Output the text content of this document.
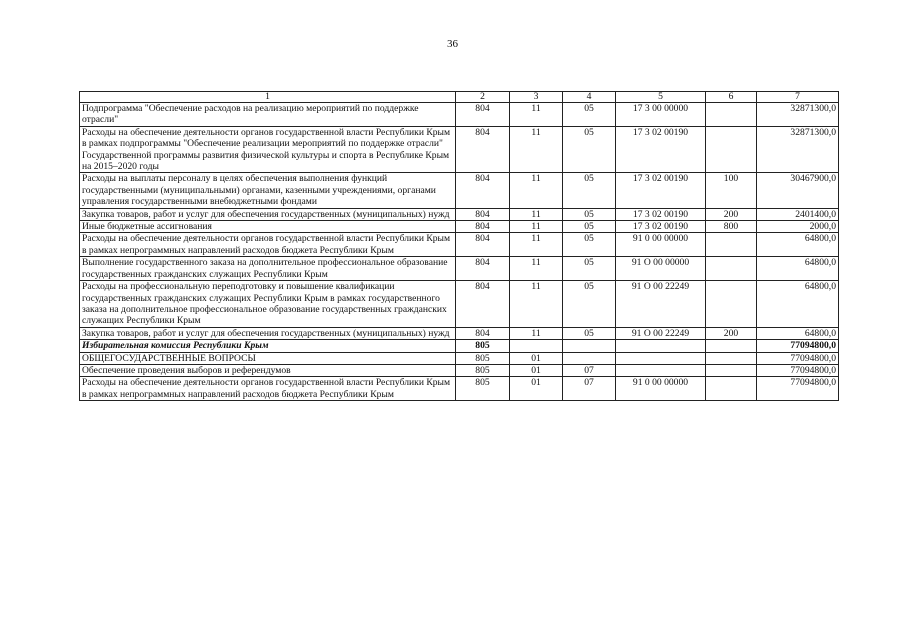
36
1	2	3	4	5	6	7
Подпрограмма "Обеспечение расходов на реализацию мероприятий по поддержке отрасли"	804	11	05	17 3 00 00000		32871300,0
Расходы на обеспечение деятельности органов государственной власти Республики Крым в рамках подпрограммы "Обеспечение реализации мероприятий по поддержке отрасли" Государственной программы развития физической культуры и спорта в Республике Крым на 2015–2020 годы	804	11	05	17 3 02 00190		32871300,0
Расходы на выплаты персоналу в целях обеспечения выполнения функций государственными (муниципальными) органами, казенными учреждениями, органами управления государственными внебюджетными фондами	804	11	05	17 3 02 00190	100	30467900,0
Закупка товаров, работ и услуг для обеспечения государственных (муниципальных) нужд	804	11	05	17 3 02 00190	200	2401400,0
Иные бюджетные ассигнования	804	11	05	17 3 02 00190	800	2000,0
Расходы на обеспечение деятельности органов государственной власти Республики Крым в рамках непрограммных направлений расходов бюджета Республики Крым	804	11	05	91 0 00 00000		64800,0
Выполнение государственного заказа на дополнительное профессиональное образование государственных гражданских служащих Республики Крым	804	11	05	91 О 00 00000		64800,0
Расходы на профессиональную переподготовку и повышение квалификации государственных гражданских служащих Республики Крым в рамках государственного заказа на дополнительное профессиональное образование государственных гражданских служащих Республики Крым	804	11	05	91 О 00 22249		64800,0
Закупка товаров, работ и услуг для обеспечения государственных (муниципальных) нужд	804	11	05	91 О 00 22249	200	64800,0
Избирательная комиссия Республики Крым	805					77094800,0
ОБЩЕГОСУДАРСТВЕННЫЕ ВОПРОСЫ	805	01				77094800,0
Обеспечение проведения выборов и референдумов	805	01	07			77094800,0
Расходы на обеспечение деятельности органов государственной власти Республики Крым в рамках непрограммных направлений расходов бюджета Республики Крым	805	01	07	91 0 00 00000		77094800,0
